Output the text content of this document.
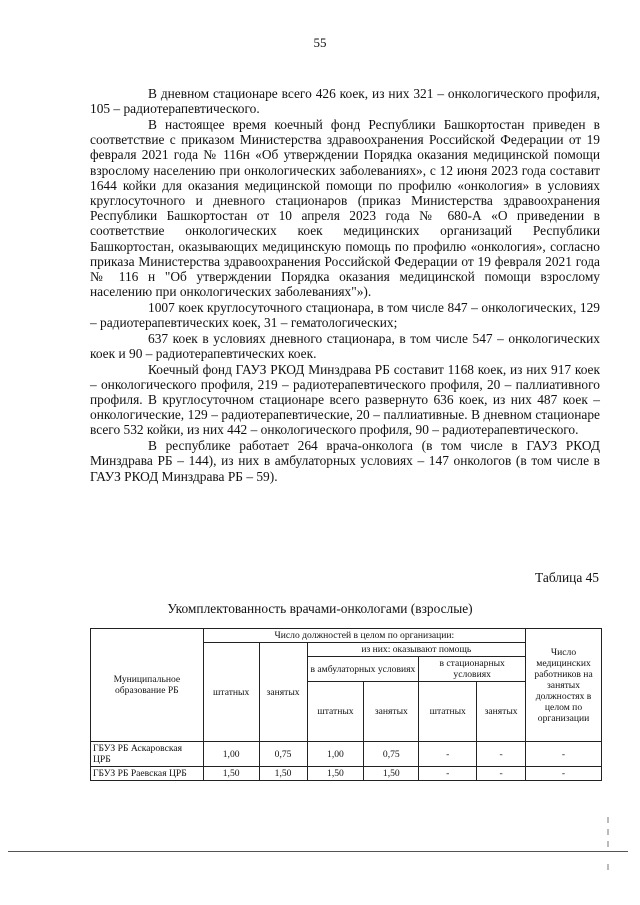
55

В дневном стационаре всего 426 коек, из них 321 – онкологического профиля, 105 – радиотерапевтического.

В настоящее время коечный фонд Республики Башкортостан приведен в соответствие с приказом Министерства здравоохранения Российской Федерации от 19 февраля 2021 года № 116н «Об утверждении Порядка оказания медицинской помощи взрослому населению при онкологических заболеваниях», с 12 июня 2023 года составит 1644 койки для оказания медицинской помощи по профилю «онкология» в условиях круглосуточного и дневного стационаров (приказ Министерства здравоохранения Республики Башкортостан от 10 апреля 2023 года № 680-А «О приведении в соответствие онкологических коек медицинских организаций Республики Башкортостан, оказывающих медицинскую помощь по профилю «онкология», согласно приказа Министерства здравоохранения Российской Федерации от 19 февраля 2021 года № 116 н "Об утверждении Порядка оказания медицинской помощи взрослому населению при онкологических заболеваниях"»).

1007 коек круглосуточного стационара, в том числе 847 – онкологических, 129 – радиотерапевтических коек, 31 – гематологических;

637 коек в условиях дневного стационара, в том числе 547 – онкологических коек и 90 – радиотерапевтических коек.

Коечный фонд ГАУЗ РКОД Минздрава РБ составит 1168 коек, из них 917 коек – онкологического профиля, 219 – радиотерапевтического профиля, 20 – паллиативного профиля. В круглосуточном стационаре всего развернуто 636 коек, из них 487 коек – онкологические, 129 – радиотерапевтические, 20 – паллиативные. В дневном стационаре всего 532 койки, из них 442 – онкологического профиля, 90 – радиотерапевтического.

В республике работает 264 врача-онколога (в том числе в ГАУЗ РКОД Минздрава РБ – 144), из них в амбулаторных условиях – 147 онкологов (в том числе в ГАУЗ РКОД Минздрава РБ – 59).

Таблица 45
Укомплектованность врачами-онкологами (взрослые)
Муниципальное образование РБ	Число должностей в целом по организации:						Число медицинских работников на занятых должностях в целом по организации
	штатных	занятых	из них: оказывают помощь				
			в амбулаторных условиях		в стационарных условиях		
			штатных	занятых	штатных	занятых	
ГБУЗ РБ Аскаровская ЦРБ	1,00	0,75	1,00	0,75	-	-	-
ГБУЗ РБ Раевская ЦРБ	1,50	1,50	1,50	1,50	-	-	-
